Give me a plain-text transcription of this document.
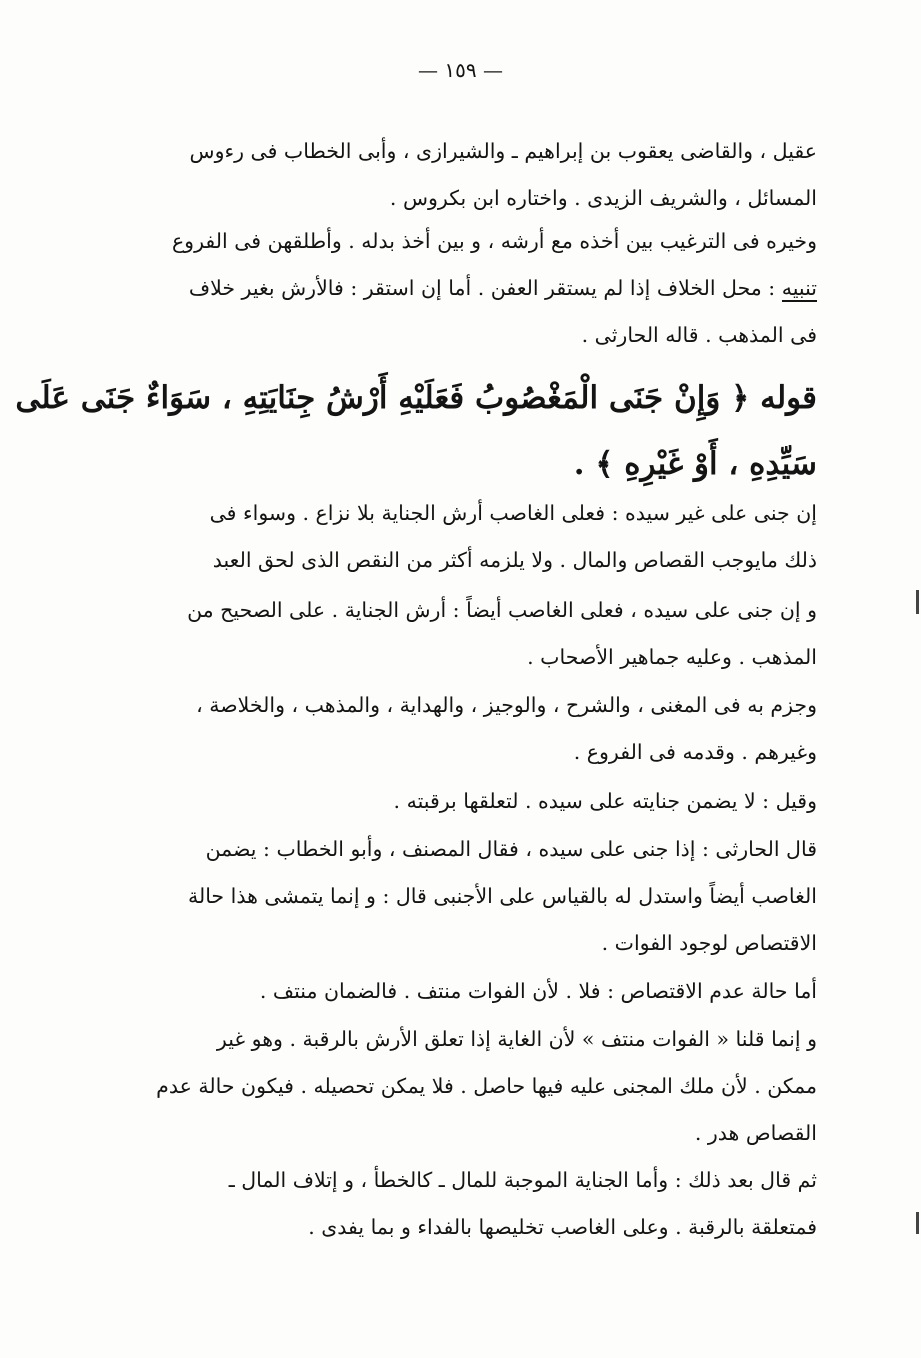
— ١٥٩ —
عقيل ، والقاضى يعقوب بن إبراهيم ـ والشيرازى ، وأبى الخطاب فى رءوس
المسائل ، والشريف الزيدى . واختاره ابن بكروس .
وخيره فى الترغيب بين أخذه مع أرشه ، و بين أخذ بدله . وأطلقهن فى الفروع
تنبيه : محل الخلاف إذا لم يستقر العفن . أما إن استقر : فالأرش بغير خلاف
فى المذهب . قاله الحارثى .
قوله ﴿ وَإِنْ جَنَى الْمَغْصُوبُ فَعَلَيْهِ أَرْشُ جِنَايَتِهِ ، سَوَاءٌ جَنَى عَلَى
سَيِّدِهِ ، أَوْ غَيْرِهِ ﴾ .
إن جنى على غير سيده : فعلى الغاصب أرش الجناية بلا نزاع . وسواء فى
ذلك مايوجب القصاص والمال . ولا يلزمه أكثر من النقص الذى لحق العبد
و إن جنى على سيده ، فعلى الغاصب أيضاً : أرش الجناية . على الصحيح من
المذهب . وعليه جماهير الأصحاب .
وجزم به فى المغنى ، والشرح ، والوجيز ، والهداية ، والمذهب ، والخلاصة ،
وغيرهم . وقدمه فى الفروع .
وقيل : لا يضمن جنايته على سيده . لتعلقها برقبته .
قال الحارثى : إذا جنى على سيده ، فقال المصنف ، وأبو الخطاب : يضمن
الغاصب أيضاً واستدل له بالقياس على الأجنبى قال : و إنما يتمشى هذا حالة
الاقتصاص لوجود الفوات .
أما حالة عدم الاقتصاص : فلا . لأن الفوات منتف . فالضمان منتف .
و إنما قلنا « الفوات منتف » لأن الغاية إذا تعلق الأرش بالرقبة . وهو غير
ممكن . لأن ملك المجنى عليه فيها حاصل . فلا يمكن تحصيله . فيكون حالة عدم
القصاص هدر .
ثم قال بعد ذلك : وأما الجناية الموجبة للمال ـ كالخطأ ، و إتلاف المال ـ
فمتعلقة بالرقبة . وعلى الغاصب تخليصها بالفداء و بما يفدى .
